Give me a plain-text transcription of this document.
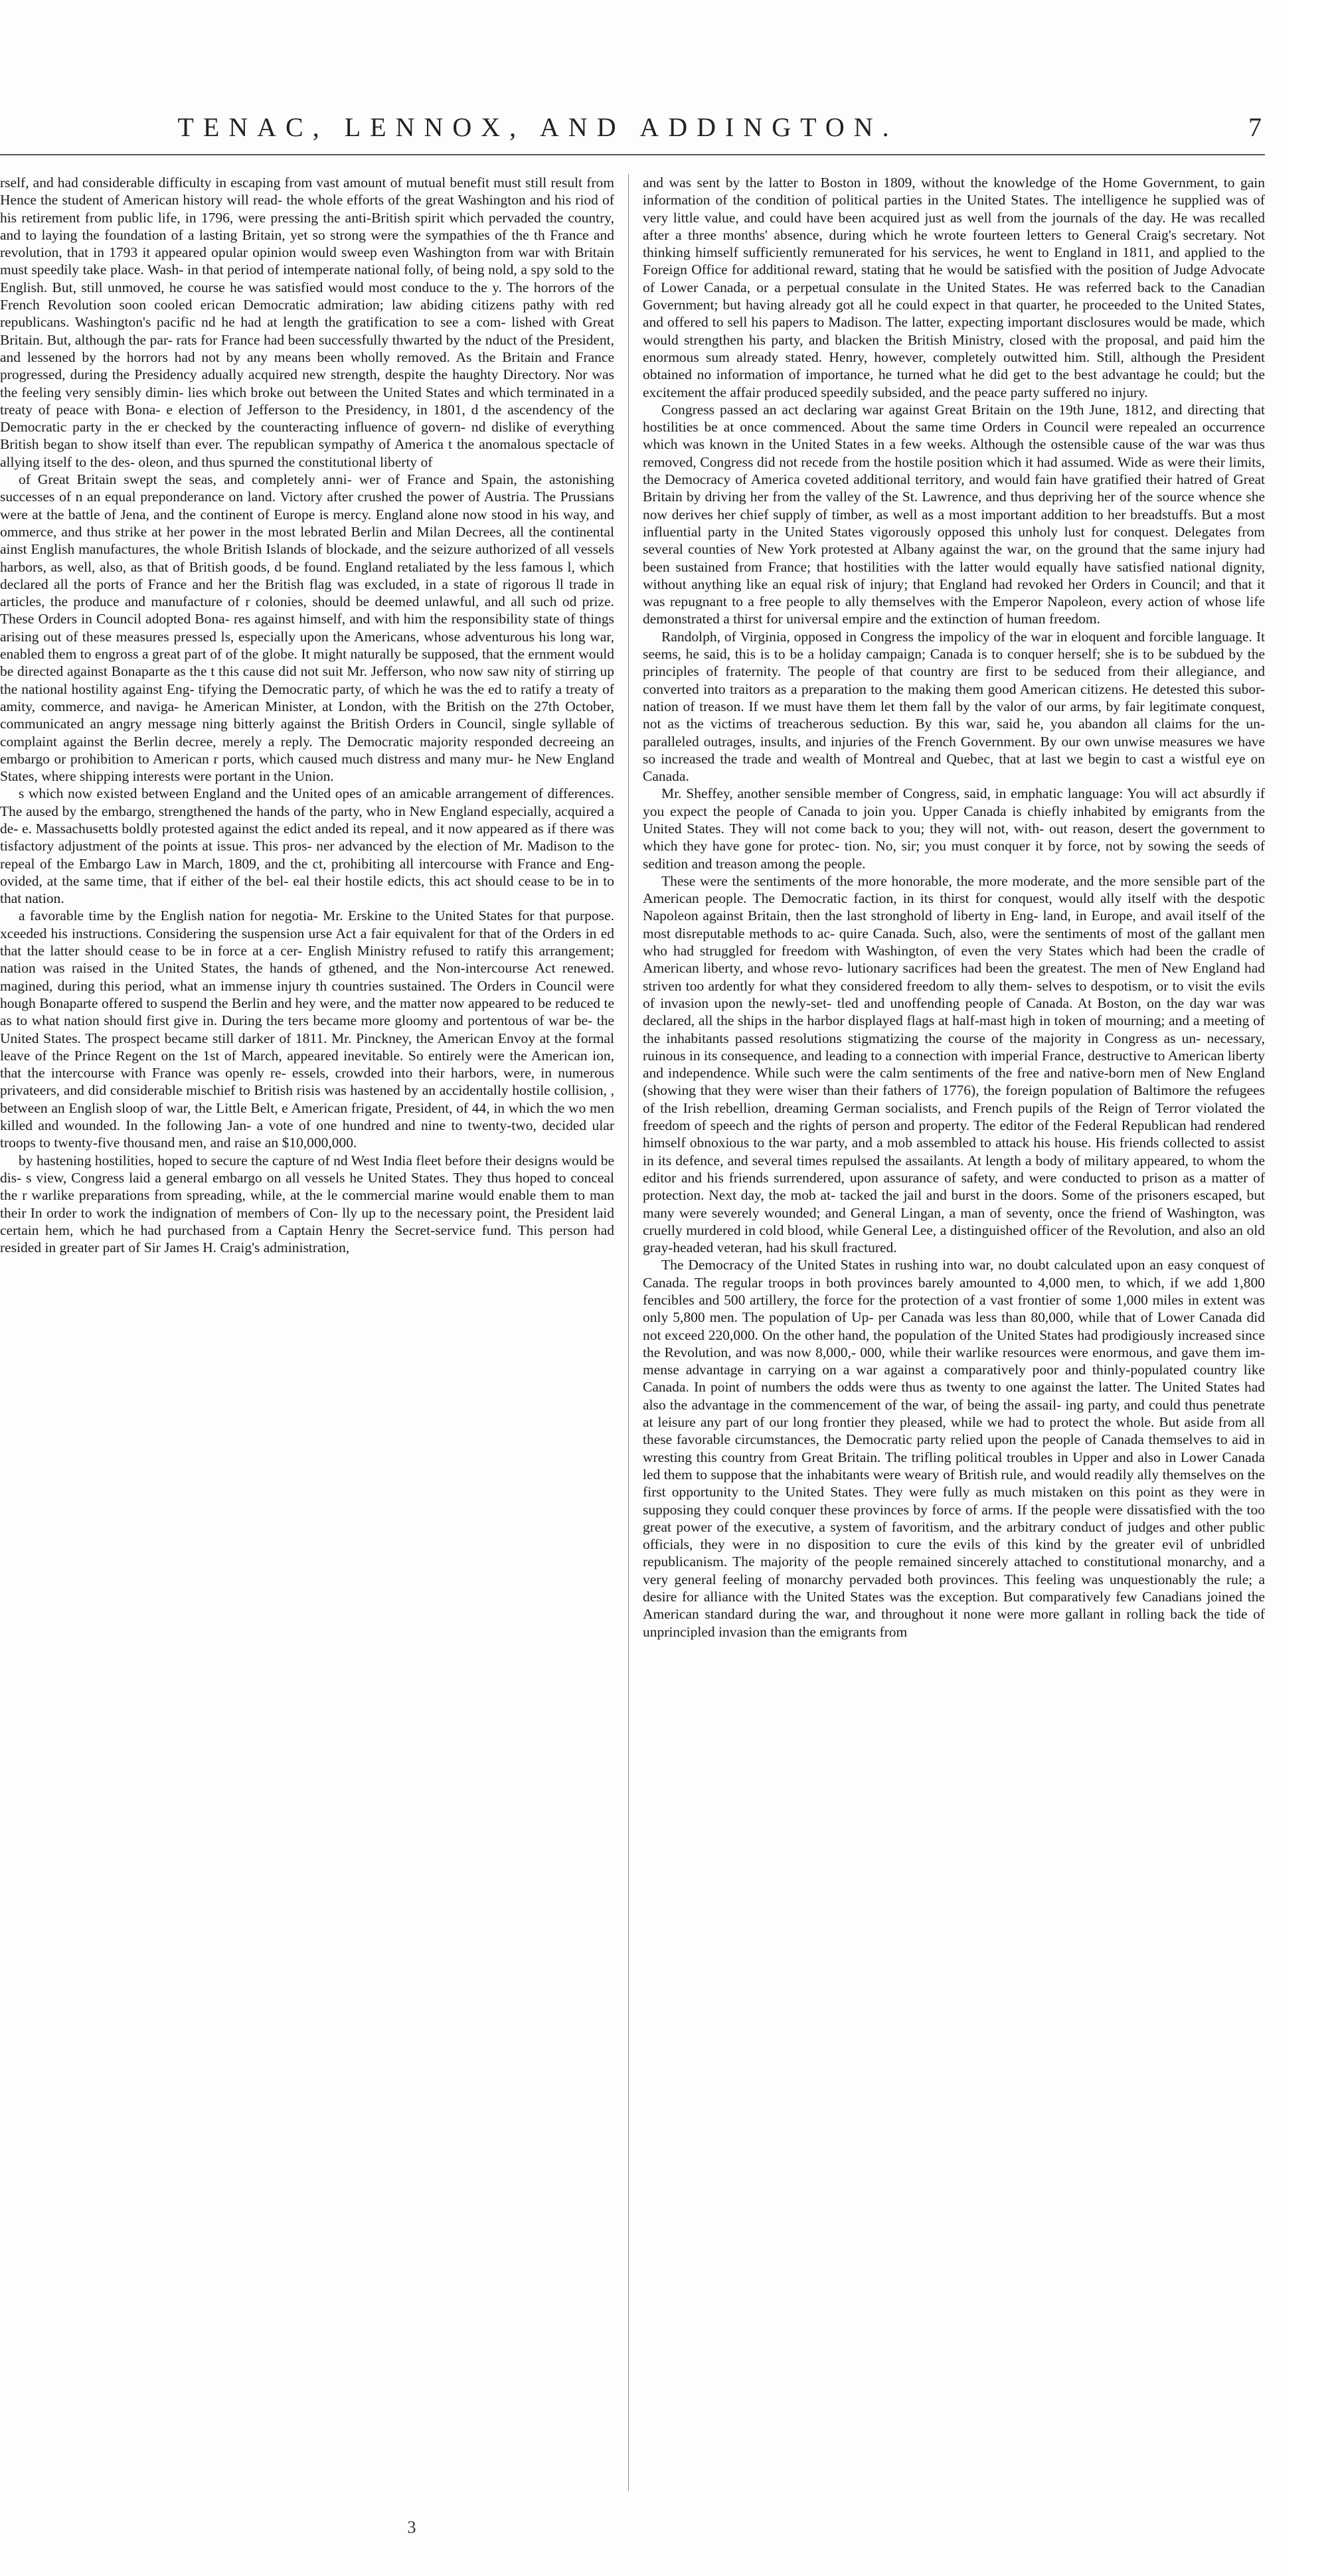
TENAC, LENNOX, AND ADDINGTON.	7

rself, and had considerable difficulty in escaping from vast amount of mutual benefit must still result from Hence the student of American history will read- the whole efforts of the great Washington and his riod of his retirement from public life, in 1796, were pressing the anti-British spirit which pervaded the country, and to laying the foundation of a lasting Britain, yet so strong were the sympathies of the th France and revolution, that in 1793 it appeared opular opinion would sweep even Washington from war with Britain must speedily take place. Wash- in that period of intemperate national folly, of being nold, a spy sold to the English. But, still unmoved, he course he was satisfied would most conduce to the y. The horrors of the French Revolution soon cooled erican Democratic admiration; law abiding citizens pathy with red republicans. Washington's pacific nd he had at length the gratification to see a com- lished with Great Britain. But, although the par- rats for France had been successfully thwarted by the nduct of the President, and lessened by the horrors had not by any means been wholly removed. As the Britain and France progressed, during the Presidency adually acquired new strength, despite the haughty Directory. Nor was the feeling very sensibly dimin- lies which broke out between the United States and which terminated in a treaty of peace with Bona- e election of Jefferson to the Presidency, in 1801, d the ascendency of the Democratic party in the er checked by the counteracting influence of govern- nd dislike of everything British began to show itself than ever. The republican sympathy of America t the anomalous spectacle of allying itself to the des- oleon, and thus spurned the constitutional liberty of

of Great Britain swept the seas, and completely anni- wer of France and Spain, the astonishing successes of n an equal preponderance on land. Victory after crushed the power of Austria. The Prussians were at the battle of Jena, and the continent of Europe is mercy. England alone now stood in his way, and ommerce, and thus strike at her power in the most lebrated Berlin and Milan Decrees, all the continental ainst English manufactures, the whole British Islands of blockade, and the seizure authorized of all vessels harbors, as well, also, as that of British goods, d be found. England retaliated by the less famous l, which declared all the ports of France and her the British flag was excluded, in a state of rigorous ll trade in articles, the produce and manufacture of r colonies, should be deemed unlawful, and all such od prize. These Orders in Council adopted Bona- res against himself, and with him the responsibility state of things arising out of these measures pressed ls, especially upon the Americans, whose adventurous his long war, enabled them to engross a great part of of the globe. It might naturally be supposed, that the ernment would be directed against Bonaparte as the t this cause did not suit Mr. Jefferson, who now saw nity of stirring up the national hostility against Eng- tifying the Democratic party, of which he was the ed to ratify a treaty of amity, commerce, and naviga- he American Minister, at London, with the British on the 27th October, communicated an angry message ning bitterly against the British Orders in Council, single syllable of complaint against the Berlin decree, merely a reply. The Democratic majority responded decreeing an embargo or prohibition to American r ports, which caused much distress and many mur- he New England States, where shipping interests were portant in the Union.

s which now existed between England and the United opes of an amicable arrangement of differences. The aused by the embargo, strengthened the hands of the party, who in New England especially, acquired a de- e. Massachusetts boldly protested against the edict anded its repeal, and it now appeared as if there was tisfactory adjustment of the points at issue. This pros- ner advanced by the election of Mr. Madison to the repeal of the Embargo Law in March, 1809, and the ct, prohibiting all intercourse with France and Eng- ovided, at the same time, that if either of the bel- eal their hostile edicts, this act should cease to be in to that nation.

a favorable time by the English nation for negotia- Mr. Erskine to the United States for that purpose. xceeded his instructions. Considering the suspension urse Act a fair equivalent for that of the Orders in ed that the latter should cease to be in force at a cer- English Ministry refused to ratify this arrangement; nation was raised in the United States, the hands of gthened, and the Non-intercourse Act renewed. magined, during this period, what an immense injury th countries sustained. The Orders in Council were hough Bonaparte offered to suspend the Berlin and hey were, and the matter now appeared to be reduced te as to what nation should first give in. During the ters became more gloomy and portentous of war be- the United States. The prospect became still darker of 1811. Mr. Pinckney, the American Envoy at the formal leave of the Prince Regent on the 1st of March, appeared inevitable. So entirely were the American ion, that the intercourse with France was openly re- essels, crowded into their harbors, were, in numerous privateers, and did considerable mischief to British risis was hastened by an accidentally hostile collision, , between an English sloop of war, the Little Belt, e American frigate, President, of 44, in which the wo men killed and wounded. In the following Jan- a vote of one hundred and nine to twenty-two, decided ular troops to twenty-five thousand men, and raise an $10,000,000.

by hastening hostilities, hoped to secure the capture of nd West India fleet before their designs would be dis- s view, Congress laid a general embargo on all vessels he United States. They thus hoped to conceal the r warlike preparations from spreading, while, at the le commercial marine would enable them to man their In order to work the indignation of members of Con- lly up to the necessary point, the President laid certain hem, which he had purchased from a Captain Henry the Secret-service fund. This person had resided in greater part of Sir James H. Craig's administration,

and was sent by the latter to Boston in 1809, without the knowledge of the Home Government, to gain information of the condition of political parties in the United States. The intelligence he supplied was of very little value, and could have been acquired just as well from the journals of the day. He was recalled after a three months' absence, during which he wrote fourteen letters to General Craig's secretary. Not thinking himself sufficiently remunerated for his services, he went to England in 1811, and applied to the Foreign Office for additional reward, stating that he would be satisfied with the position of Judge Advocate of Lower Canada, or a perpetual consulate in the United States. He was referred back to the Canadian Government; but having already got all he could expect in that quarter, he proceeded to the United States, and offered to sell his papers to Madison. The latter, expecting important disclosures would be made, which would strengthen his party, and blacken the British Ministry, closed with the proposal, and paid him the enormous sum already stated. Henry, however, completely outwitted him. Still, although the President obtained no information of importance, he turned what he did get to the best advantage he could; but the excitement the affair produced speedily subsided, and the peace party suffered no injury.

Congress passed an act declaring war against Great Britain on the 19th June, 1812, and directing that hostilities be at once commenced. About the same time Orders in Council were repealed an occurrence which was known in the United States in a few weeks. Although the ostensible cause of the war was thus removed, Congress did not recede from the hostile position which it had assumed. Wide as were their limits, the Democracy of America coveted additional territory, and would fain have gratified their hatred of Great Britain by driving her from the valley of the St. Lawrence, and thus depriving her of the source whence she now derives her chief supply of timber, as well as a most important addition to her breadstuffs. But a most influential party in the United States vigorously opposed this unholy lust for conquest. Delegates from several counties of New York protested at Albany against the war, on the ground that the same injury had been sustained from France; that hostilities with the latter would equally have satisfied national dignity, without anything like an equal risk of injury; that England had revoked her Orders in Council; and that it was repugnant to a free people to ally themselves with the Emperor Napoleon, every action of whose life demonstrated a thirst for universal empire and the extinction of human freedom.

Randolph, of Virginia, opposed in Congress the impolicy of the war in eloquent and forcible language. It seems, he said, this is to be a holiday campaign; Canada is to conquer herself; she is to be subdued by the principles of fraternity. The people of that country are first to be seduced from their allegiance, and converted into traitors as a preparation to the making them good American citizens. He detested this subor- nation of treason. If we must have them let them fall by the valor of our arms, by fair legitimate conquest, not as the victims of treacherous seduction. By this war, said he, you abandon all claims for the un- paralleled outrages, insults, and injuries of the French Government. By our own unwise measures we have so increased the trade and wealth of Montreal and Quebec, that at last we begin to cast a wistful eye on Canada.

Mr. Sheffey, another sensible member of Congress, said, in emphatic language: You will act absurdly if you expect the people of Canada to join you. Upper Canada is chiefly inhabited by emigrants from the United States. They will not come back to you; they will not, with- out reason, desert the government to which they have gone for protec- tion. No, sir; you must conquer it by force, not by sowing the seeds of sedition and treason among the people.

These were the sentiments of the more honorable, the more moderate, and the more sensible part of the American people. The Democratic faction, in its thirst for conquest, would ally itself with the despotic Napoleon against Britain, then the last stronghold of liberty in Eng- land, in Europe, and avail itself of the most disreputable methods to ac- quire Canada. Such, also, were the sentiments of most of the gallant men who had struggled for freedom with Washington, of even the very States which had been the cradle of American liberty, and whose revo- lutionary sacrifices had been the greatest. The men of New England had striven too ardently for what they considered freedom to ally them- selves to despotism, or to visit the evils of invasion upon the newly-set- tled and unoffending people of Canada. At Boston, on the day war was declared, all the ships in the harbor displayed flags at half-mast high in token of mourning; and a meeting of the inhabitants passed resolutions stigmatizing the course of the majority in Congress as un- necessary, ruinous in its consequence, and leading to a connection with imperial France, destructive to American liberty and independence. While such were the calm sentiments of the free and native-born men of New England (showing that they were wiser than their fathers of 1776), the foreign population of Baltimore the refugees of the Irish rebellion, dreaming German socialists, and French pupils of the Reign of Terror violated the freedom of speech and the rights of person and property. The editor of the Federal Republican had rendered himself obnoxious to the war party, and a mob assembled to attack his house. His friends collected to assist in its defence, and several times repulsed the assailants. At length a body of military appeared, to whom the editor and his friends surrendered, upon assurance of safety, and were conducted to prison as a matter of protection. Next day, the mob at- tacked the jail and burst in the doors. Some of the prisoners escaped, but many were severely wounded; and General Lingan, a man of seventy, once the friend of Washington, was cruelly murdered in cold blood, while General Lee, a distinguished officer of the Revolution, and also an old gray-headed veteran, had his skull fractured.

The Democracy of the United States in rushing into war, no doubt calculated upon an easy conquest of Canada. The regular troops in both provinces barely amounted to 4,000 men, to which, if we add 1,800 fencibles and 500 artillery, the force for the protection of a vast frontier of some 1,000 miles in extent was only 5,800 men. The population of Up- per Canada was less than 80,000, while that of Lower Canada did not exceed 220,000. On the other hand, the population of the United States had prodigiously increased since the Revolution, and was now 8,000,- 000, while their warlike resources were enormous, and gave them im- mense advantage in carrying on a war against a comparatively poor and thinly-populated country like Canada. In point of numbers the odds were thus as twenty to one against the latter. The United States had also the advantage in the commencement of the war, of being the assail- ing party, and could thus penetrate at leisure any part of our long frontier they pleased, while we had to protect the whole. But aside from all these favorable circumstances, the Democratic party relied upon the people of Canada themselves to aid in wresting this country from Great Britain. The trifling political troubles in Upper and also in Lower Canada led them to suppose that the inhabitants were weary of British rule, and would readily ally themselves on the first opportunity to the United States. They were fully as much mistaken on this point as they were in supposing they could conquer these provinces by force of arms. If the people were dissatisfied with the too great power of the executive, a system of favoritism, and the arbitrary conduct of judges and other public officials, they were in no disposition to cure the evils of this kind by the greater evil of unbridled republicanism. The majority of the people remained sincerely attached to constitutional monarchy, and a very general feeling of monarchy pervaded both provinces. This feeling was unquestionably the rule; a desire for alliance with the United States was the exception. But comparatively few Canadians joined the American standard during the war, and throughout it none were more gallant in rolling back the tide of unprincipled invasion than the emigrants from

3
